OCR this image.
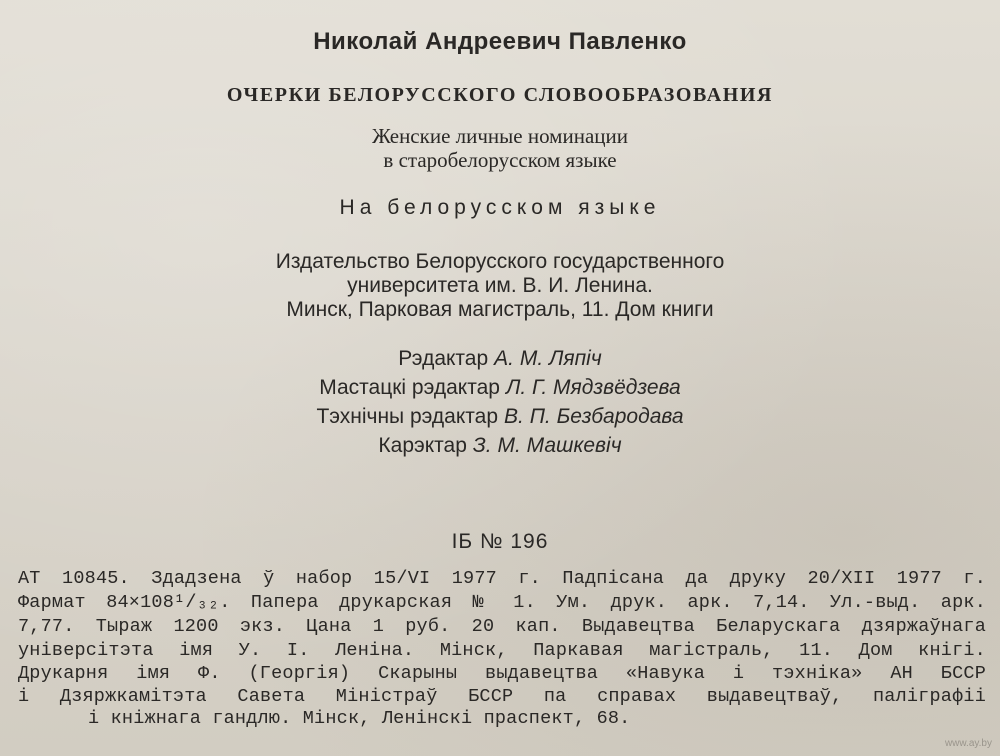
Николай Андреевич Павленко
ОЧЕРКИ БЕЛОРУССКОГО СЛОВООБРАЗОВАНИЯ
Женские личные номинации
в старобелорусском языке
На белорусском языке
Издательство Белорусского государственного
университета им. В. И. Ленина.
Минск, Парковая магистраль, 11. Дом книги
Рэдактар А. М. Ляпіч
Мастацкі рэдактар Л. Г. Мядзвёдзева
Тэхнічны рэдактар В. П. Безбародава
Карэктар З. М. Машкевіч
ІБ № 196
АТ 10845. Здадзена ў набор 15/VI 1977 г. Падпісана да друку 20/XII 1977 г.
Фармат 84×108¹/₃₂. Папера друкарская № 1. Ум. друк. арк. 7,14. Ул.-выд. арк.
7,77. Тыраж 1200 экз. Цана 1 руб. 20 кап. Выдавецтва Беларускага дзяржаўнага
універсітэта імя У. І. Леніна. Мінск, Паркавая магістраль, 11. Дом кнігі.
Друкарня імя Ф. (Георгія) Скарыны выдавецтва «Навука і тэхніка» АН БССР
і Дзяржкамітэта Савета Міністраў БССР па справах выдавецтваў, паліграфіі
і кніжнага гандлю. Мінск, Ленінскі праспект, 68.
www.ay.by
